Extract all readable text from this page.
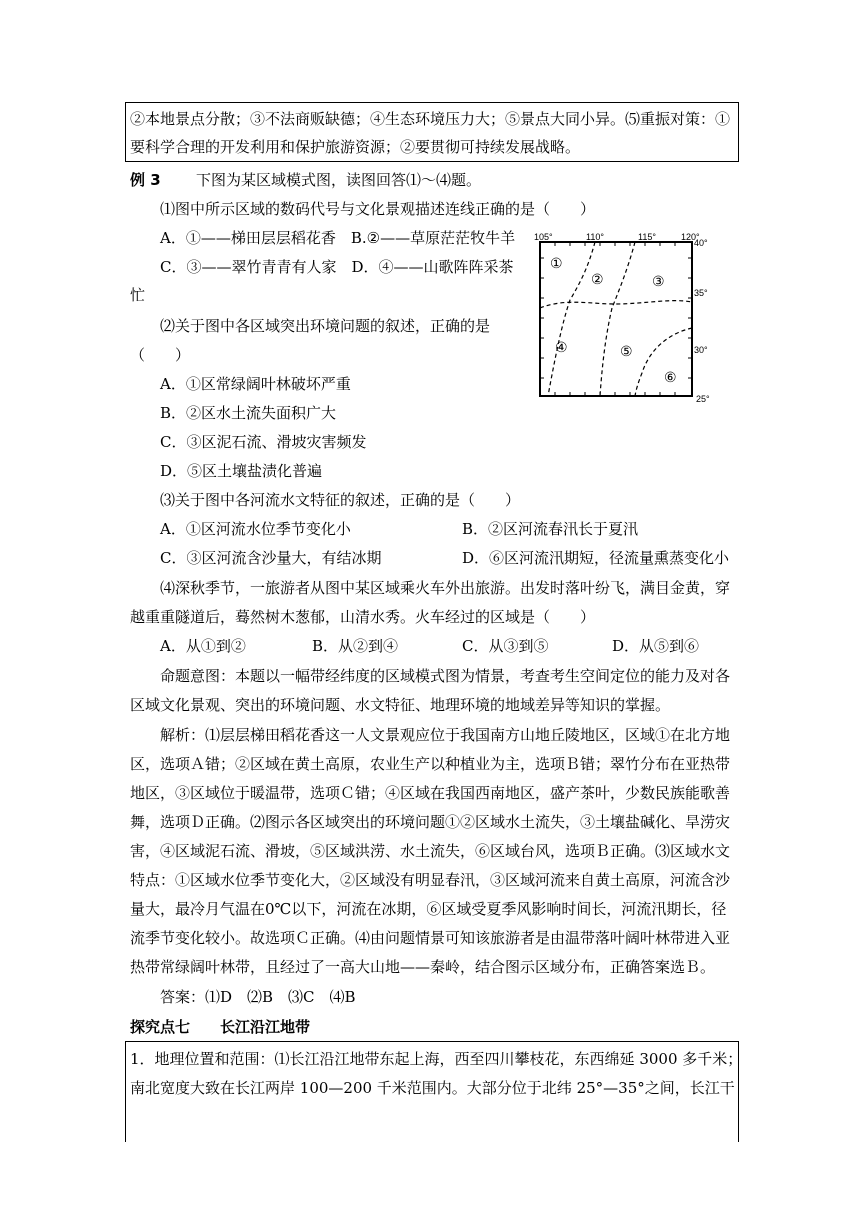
②本地景点分散；③不法商贩缺德；④生态环境压力大；⑤景点大同小异。⑸重振对策：①
要科学合理的开发利用和保护旅游资源；②要贯彻可持续发展战略。
例 3 下图为某区域模式图，读图回答⑴～⑷题。
⑴图中所示区域的数码代号与文化景观描述连线正确的是（　　）
A．①——梯田层层稻花香　B.②——草原茫茫牧牛羊
C．③——翠竹青青有人家　D．④——山歌阵阵采茶
忙
⑵关于图中各区域突出环境问题的叙述，正确的是
（　　）
A．①区常绿阔叶林破坏严重
B．②区水土流失面积广大
C．③区泥石流、滑坡灾害频发
D．⑤区土壤盐渍化普遍
105°	110°	115°	120°
40°
35°
30°
25°
①
②	③
④	⑤
⑥
⑶关于图中各河流水文特征的叙述，正确的是（　　）
A．①区河流水位季节变化小	B．②区河流春汛长于夏汛
C．③区河流含沙量大，有结冰期	D．⑥区河流汛期短，径流量熏蒸变化小
⑷深秋季节，一旅游者从图中某区域乘火车外出旅游。出发时落叶纷飞，满目金黄，穿
越重重隧道后，蓦然树木葱郁，山清水秀。火车经过的区域是（　　）
A．从①到②	B．从②到④	C．从③到⑤	D．从⑤到⑥
命题意图：本题以一幅带经纬度的区域模式图为情景，考查考生空间定位的能力及对各
区域文化景观、突出的环境问题、水文特征、地理环境的地域差异等知识的掌握。
解析：⑴层层梯田稻花香这一人文景观应位于我国南方山地丘陵地区，区域①在北方地
区，选项Ａ错；②区域在黄土高原，农业生产以种植业为主，选项Ｂ错；翠竹分布在亚热带
地区，③区域位于暖温带，选项Ｃ错；④区域在我国西南地区，盛产茶叶，少数民族能歌善
舞，选项Ｄ正确。⑵图示各区域突出的环境问题①②区域水土流失，③土壤盐碱化、旱涝灾
害，④区域泥石流、滑坡，⑤区域洪涝、水土流失，⑥区域台风，选项Ｂ正确。⑶区域水文
特点：①区域水位季节变化大，②区域没有明显春汛，③区域河流来自黄土高原，河流含沙
量大，最冷月气温在0℃以下，河流在冰期，⑥区域受夏季风影响时间长，河流汛期长，径
流季节变化较小。故选项Ｃ正确。⑷由问题情景可知该旅游者是由温带落叶阔叶林带进入亚
热带常绿阔叶林带，且经过了一高大山地——秦岭，结合图示区域分布，正确答案选Ｂ。
答案：⑴D　⑵B　⑶C　⑷B
探究点七　　长江沿江地带
1．地理位置和范围：⑴长江沿江地带东起上海，西至四川攀枝花，东西绵延 3000 多千米；
南北宽度大致在长江两岸 100—200 千米范围内。大部分位于北纬 25°—35°之间，长江干
